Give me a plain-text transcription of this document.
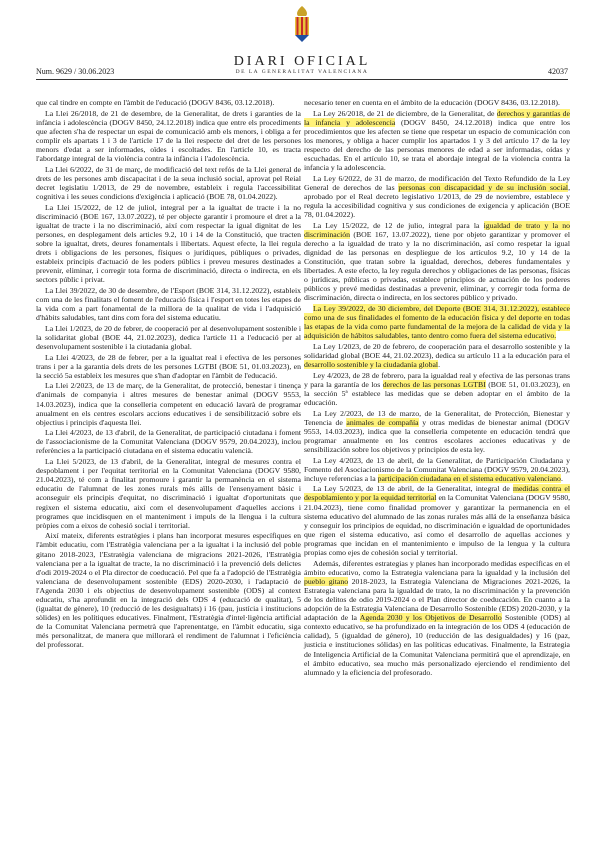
DIARI OFICIAL
DE LA GENERALITAT VALENCIANA
Num. 9629 / 30.06.2023	42037

que cal tindre en compte en l'àmbit de l'educació (DOGV 8436, 03.12.2018).

La Llei 26/2018, de 21 de desembre, de la Generalitat, de drets i garanties de la infància i adolescència (DOGV 8450, 24.12.2018) indica que entre els procediments que afecten s'ha de respectar un espai de comunicació amb els menors, i obliga a fer complir els apartats 1 i 3 de l'article 17 de la llei respecte del dret de les persones menors d'edat a ser informades, oïdes i escoltades. En l'article 10, es tracta l'abordatge integral de la violència contra la infància i l'adolescència.

La Llei 6/2022, de 31 de març, de modificació del text refós de la Llei general de drets de les persones amb discapacitat i de la seua inclusió social, aprovat pel Reial decret legislatiu 1/2013, de 29 de novembre, estableix i regula l'accessibilitat cognitiva i les seues condicions d'exigència i aplicació (BOE 78, 01.04.2022).

La Llei 15/2022, de 12 de juliol, integral per a la igualtat de tracte i la no discriminació (BOE 167, 13.07.2022), té per objecte garantir i promoure el dret a la igualtat de tracte i la no discriminació, així com respectar la igual dignitat de les persones, en desplegament dels articles 9.2, 10 i 14 de la Constitució, que tracten sobre la igualtat, drets, deures fonamentals i llibertats. Aquest efecte, la llei regula drets i obligacions de les persones, físiques o jurídiques, públiques o privades, estableix principis d'actuació de les poders públics i preveu mesures destinades a prevenir, eliminar, i corregir tota forma de discriminació, directa o indirecta, en els sectors públic i privat.

La Llei 39/2022, de 30 de desembre, de l'Esport (BOE 314, 31.12.2022), estableix com una de les finalitats el foment de l'educació física i l'esport en totes les etapes de la vida com a part fonamental de la millora de la qualitat de vida i l'adquisició d'hàbits saludables, tant dins com fora del sistema educatiu.

La Llei 1/2023, de 20 de febrer, de cooperació per al desenvolupament sostenible i la solidaritat global (BOE 44, 21.02.2023), dedica l'article 11 a l'educació per al desenvolupament sostenible i la ciutadania global.

La Llei 4/2023, de 28 de febrer, per a la igualtat real i efectiva de les persones trans i per a la garantia dels drets de les persones LGTBI (BOE 51, 01.03.2023), en la secció 5a estableix les mesures que s'han d'adoptar en l'àmbit de l'educació.

La Llei 2/2023, de 13 de març, de la Generalitat, de protecció, benestar i tinença d'animals de companyia i altres mesures de benestar animal (DOGV 9553, 14.03.2023), indica que la conselleria competent en educació lavarà de programar anualment en els centres escolars accions educatives i de sensibilització sobre els objectius i principis d'aquesta llei.

La Llei 4/2023, de 13 d'abril, de la Generalitat, de participació ciutadana i foment de l'associacionisme de la Comunitat Valenciana (DOGV 9579, 20.04.2023), inclou referències a la participació ciutadana en el sistema educatiu valencià.

La Llei 5/2023, de 13 d'abril, de la Generalitat, integral de mesures contra el despoblament i per l'equitat territorial en la Comunitat Valenciana (DOGV 9580, 21.04.2023), té com a finalitat promoure i garantir la permanència en el sistema educatiu de l'alumnat de les zones rurals més aïlls de l'ensenyament bàsic i aconseguir els principis d'equitat, no discriminació i igualtat d'oportunitats que regixen el sistema educatiu, així com el desenvolupament d'aquelles accions i programes que incidisquen en el manteniment i impuls de la llengua i la cultura pròpies com a eixos de cohesió social i territorial.

Així mateix, diferents estratègies i plans han incorporat mesures específiques en l'àmbit educatiu, com l'Estratègia valenciana per a la igualtat i la inclusió del poble gitano 2018-2023, l'Estratègia valenciana de migracions 2021-2026, l'Estratègia valenciana per a la igualtat de tracte, la no discriminació i la prevenció dels delictes d'odi 2019-2024 o el Pla director de coeducació. Pel que fa a l'adopció de l'Estratègia valenciana de desenvolupament sostenible (EDS) 2020-2030, i l'adaptació de l'Agenda 2030 i els objectius de desenvolupament sostenible (ODS) al context educatiu, s'ha aprofundit en la integració dels ODS 4 (educació de qualitat), 5 (igualtat de gènere), 10 (reducció de les desigualtats) i 16 (pau, justícia i institucions sòlides) en les polítiques educatives. Finalment, l'Estratègia d'intel·ligència artificial de la Comunitat Valenciana permetrà que l'aprenentatge, en l'àmbit educatiu, siga més personalitzat, de manera que millorarà el rendiment de l'alumnat i l'eficiència del professorat.

necesario tener en cuenta en el ámbito de la educación (DOGV 8436, 03.12.2018).

La Ley 26/2018, de 21 de diciembre, de la Generalitat, de derechos y garantías de la infancia y adolescencia (DOGV 8450, 24.12.2018) indica que entre los procedimientos que les afecten se tiene que respetar un espacio de comunicación con los menores, y obliga a hacer cumplir los apartados 1 y 3 del artículo 17 de la ley respecto del derecho de las personas menores de edad a ser informadas, oídas y escuchadas. En el artículo 10, se trata el abordaje integral de la violencia contra la infancia y la adolescencia.

La Ley 6/2022, de 31 de marzo, de modificación del Texto Refundido de la Ley General de derechos de las personas con discapacidad y de su inclusión social, aprobado por el Real decreto legislativo 1/2013, de 29 de noviembre, establece y regula la accesibilidad cognitiva y sus condiciones de exigencia y aplicación (BOE 78, 01.04.2022).

La Ley 15/2022, de 12 de julio, integral para la igualdad de trato y la no discriminación (BOE 167, 13.07.2022), tiene por objeto garantizar y promover el derecho a la igualdad de trato y la no discriminación, así como respetar la igual dignidad de las personas en despliegue de los artículos 9.2, 10 y 14 de la Constitución, que tratan sobre la igualdad, derechos, deberes fundamentales y libertades. A este efecto, la ley regula derechos y obligaciones de las personas, físicas o jurídicas, públicas o privadas, establece principios de actuación de los poderes públicos y prevé medidas destinadas a prevenir, eliminar, y corregir toda forma de discriminación, directa o indirecta, en los sectores público y privado.

La Ley 39/2022, de 30 diciembre, del Deporte (BOE 314, 31.12.2022), establece como una de sus finalidades el fomento de la educación física y del deporte en todas las etapas de la vida como parte fundamental de la mejora de la calidad de vida y la adquisición de hábitos saludables, tanto dentro como fuera del sistema educativo.

La Ley 1/2023, de 20 de febrero, de cooperación para el desarrollo sostenible y la solidaridad global (BOE 44, 21.02.2023), dedica su artículo 11 a la educación para el desarrollo sostenible y la ciudadanía global.

Ley 4/2023, de 28 de febrero, para la igualdad real y efectiva de las personas trans y para la garantía de los derechos de las personas LGTBI (BOE 51, 01.03.2023), en la sección 5ª establece las medidas que se deben adoptar en el ámbito de la educación.

La Ley 2/2023, de 13 de marzo, de la Generalitat, de Protección, Bienestar y Tenencia de animales de compañía y otras medidas de bienestar animal (DOGV 9553, 14.03.2023), indica que la conselleria competente en educación tendrá que programar anualmente en los centros escolares acciones educativas y de sensibilización sobre los objetivos y principios de esta ley.

La Ley 4/2023, de 13 de abril, de la Generalitat, de Participación Ciudadana y Fomento del Asociacionismo de la Comunitat Valenciana (DOGV 9579, 20.04.2023), incluye referencias a la participación ciudadana en el sistema educativo valenciano.

La Ley 5/2023, de 13 de abril, de la Generalitat, integral de medidas contra el despoblamiento y por la equidad territorial en la Comunitat Valenciana (DOGV 9580, 21.04.2023), tiene como finalidad promover y garantizar la permanencia en el sistema educativo del alumnado de las zonas rurales más allá de la enseñanza básica y conseguir los principios de equidad, no discriminación e igualdad de oportunidades que rigen el sistema educativo, así como el desarrollo de aquellas acciones y programas que incidan en el mantenimiento e impulso de la lengua y la cultura propias como ejes de cohesión social y territorial.

Además, diferentes estrategias y planes han incorporado medidas específicas en el ámbito educativo, como la Estrategia valenciana para la igualdad y la inclusión del pueblo gitano 2018-2023, la Estrategia Valenciana de Migraciones 2021-2026, la Estrategia valenciana para la igualdad de trato, la no discriminación y la prevención de los delitos de odio 2019-2024 o el Plan director de coeducación. En cuanto a la adopción de la Estrategia Valenciana de Desarrollo Sostenible (EDS) 2020-2030, y la adaptación de la Agenda 2030 y los Objetivos de Desarrollo Sostenible (ODS) al contexto educativo, se ha profundizado en la integración de los ODS 4 (educación de calidad), 5 (igualdad de género), 10 (reducción de las desigualdades) y 16 (paz, justicia e instituciones sólidas) en las políticas educativas. Finalmente, la Estrategia de Inteligencia Artificial de la Comunitat Valenciana permitirá que el aprendizaje, en el ámbito educativo, sea mucho más personalizado ejerciendo el rendimiento del alumnado y la eficiencia del profesorado.
